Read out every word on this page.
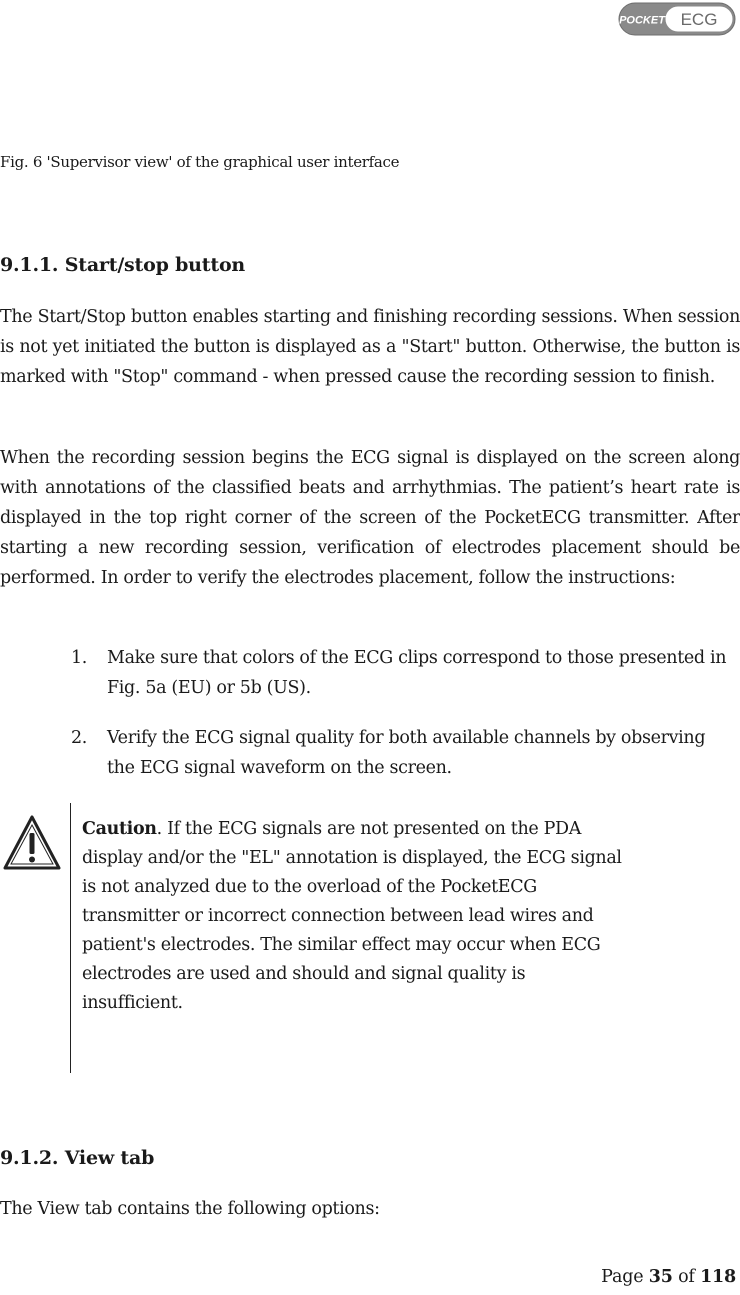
POCKET ECG
Fig. 6 'Supervisor view' of the graphical user interface
9.1.1. Start/stop button
The Start/Stop button enables starting and finishing recording sessions. When session is not yet initiated the button is displayed as a "Start" button. Otherwise, the button is marked with "Stop" command - when pressed cause the recording session to finish.
When the recording session begins the ECG signal is displayed on the screen along with annotations of the classified beats and arrhythmias. The patient’s heart rate is displayed in the top right corner of the screen of the PocketECG transmitter. After starting a new recording session, verification of electrodes placement should be performed. In order to verify the electrodes placement, follow the instructions:
1. Make sure that colors of the ECG clips correspond to those presented in Fig. 5a (EU) or 5b (US).
2. Verify the ECG signal quality for both available channels by observing the ECG signal waveform on the screen.
Caution. If the ECG signals are not presented on the PDA display and/or the "EL" annotation is displayed, the ECG signal is not analyzed due to the overload of the PocketECG transmitter or incorrect connection between lead wires and patient's electrodes. The similar effect may occur when ECG electrodes are used and should and signal quality is insufficient.
9.1.2. View tab
The View tab contains the following options:
Page 35 of 118
